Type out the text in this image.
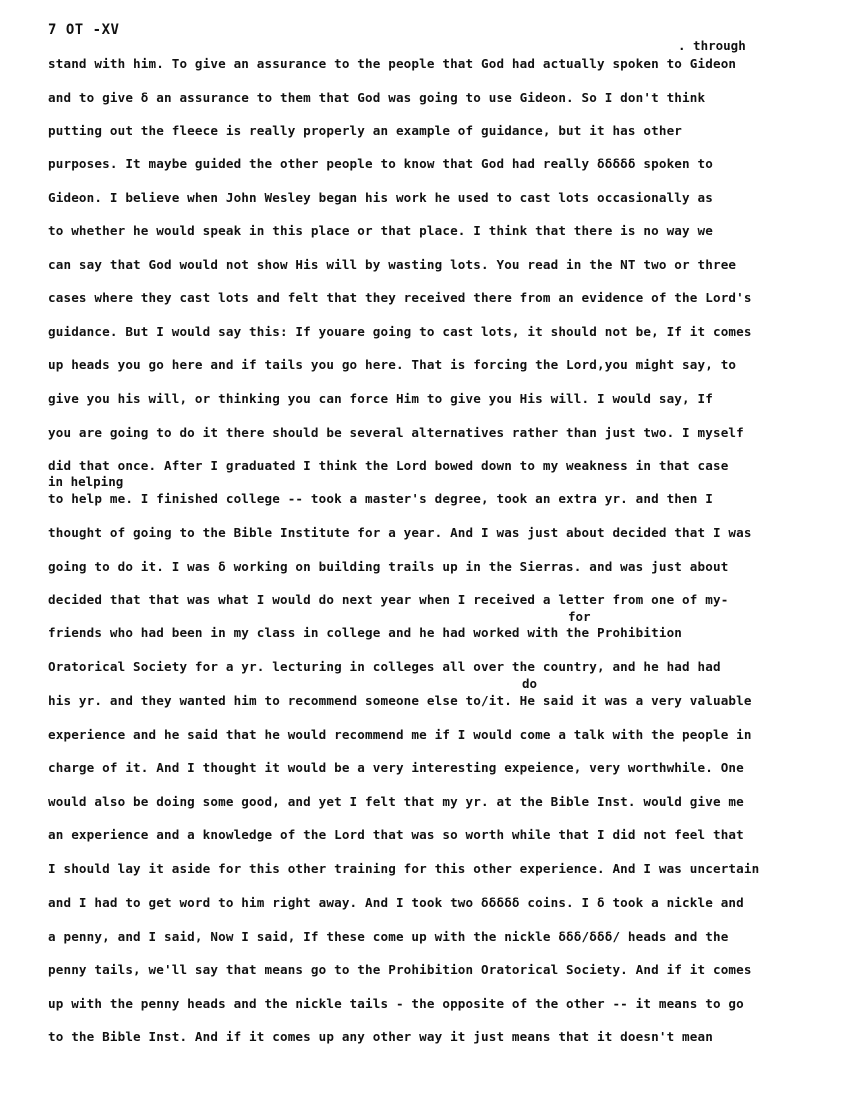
7 OT -XV
. through
in helping
for
do
stand with him. To give an assurance to the people that God had actually spoken to Gideon
and to give ẟ an assurance to them that God was going to use Gideon. So I don't think
putting out the fleece is really properly an example of guidance, but it has other
purposes. It maybe guided the other people to know that God had really ẟẟẟẟẟ spoken to
Gideon. I believe when John Wesley began his work he used to cast lots occasionally as
to whether he would speak in this place or that place. I think that there is no way we
can say that God would not show His will by wasting lots. You read in the NT two or three
cases where they cast lots and felt that they received there from an evidence of the Lord's
guidance. But I would say this: If youare going to cast lots, it should not be, If it comes
up heads you go here and if tails you go here. That is forcing the Lord,you might say, to
give you his will, or thinking you can force Him to give you His will. I would say, If
you are going to do it there should be several alternatives rather than just two. I myself
did that once. After I graduated I think the Lord bowed down to my weakness in that case
to help me. I finished college -- took a master's degree, took an extra yr. and then I
thought of going to the Bible Institute for a year. And I was just about decided that I was
going to do it. I was ẟ working on building trails up in the Sierras. and was just about
decided that that was what I would do next year when I received a letter from one of my-
friends who had been in my class in college and he had worked with the Prohibition
Oratorical Society for a yr. lecturing in colleges all over the country, and he had had
his yr. and they wanted him to recommend someone else to/it. He said it was a very valuable
experience and he said that he would recommend me if I would come a talk with the people in
charge of it. And I thought it would be a very interesting expeience, very worthwhile. One
would also be doing some good, and yet I felt that my yr. at the Bible Inst. would give me
an experience and a knowledge of the Lord that was so worth while that I did not feel that
I should lay it aside for this other training for this other experience. And I was uncertain
and I had to get word to him right away. And I took two ẟẟẟẟẟ coins. I ẟ took a nickle and
a penny, and I said, Now I said, If these come up with the nickle ẟẟẟ/ẟẟẟ/ heads and the
penny tails, we'll say that means go to the Prohibition Oratorical Society. And if it comes
up with the penny heads and the nickle tails - the opposite of the other -- it means to go
to the Bible Inst. And if it comes up any other way it just means that it doesn't mean
